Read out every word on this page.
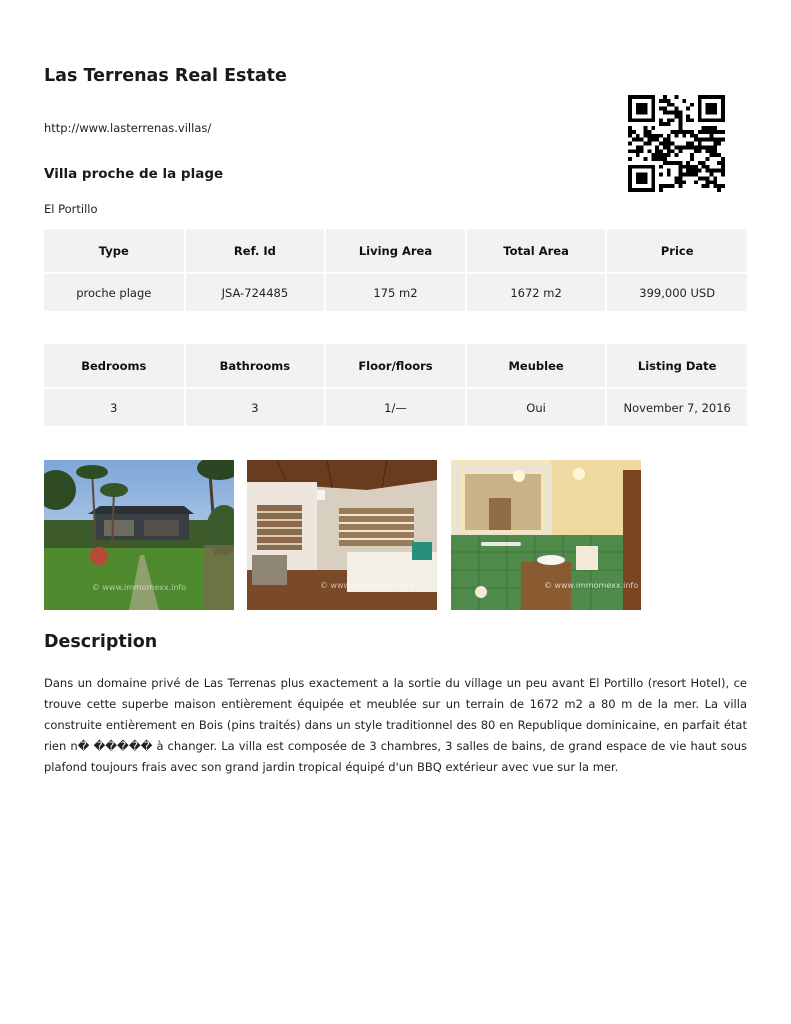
Las Terrenas Real Estate
http://www.lasterrenas.villas/
Villa proche de la plage
El Portillo
Type	Ref. Id	Living Area	Total Area	Price
proche plage	JSA-724485	175 m2	1672 m2	399,000 USD
Bedrooms	Bathrooms	Floor/floors	Meublee	Listing Date
3	3	1/—	Oui	November 7, 2016
© www.immomexx.info	© www.immomexx.info	© www.immomexx.info
Description

Dans un domaine privé de Las Terrenas plus exactement a la sortie du village un peu avant El Portillo (resort Hotel), ce trouve cette superbe maison entièrement équipée et meublée sur un terrain de 1672 m2 a 80 m de la mer. La villa construite entièrement en Bois (pins traités) dans un style traditionnel des 80 en Republique dominicaine, en parfait état rien n� ����� à changer. La villa est composée de 3 chambres, 3 salles de bains, de grand espace de vie haut sous plafond toujours frais avec son grand jardin tropical équipé d'un BBQ extérieur avec vue sur la mer.
